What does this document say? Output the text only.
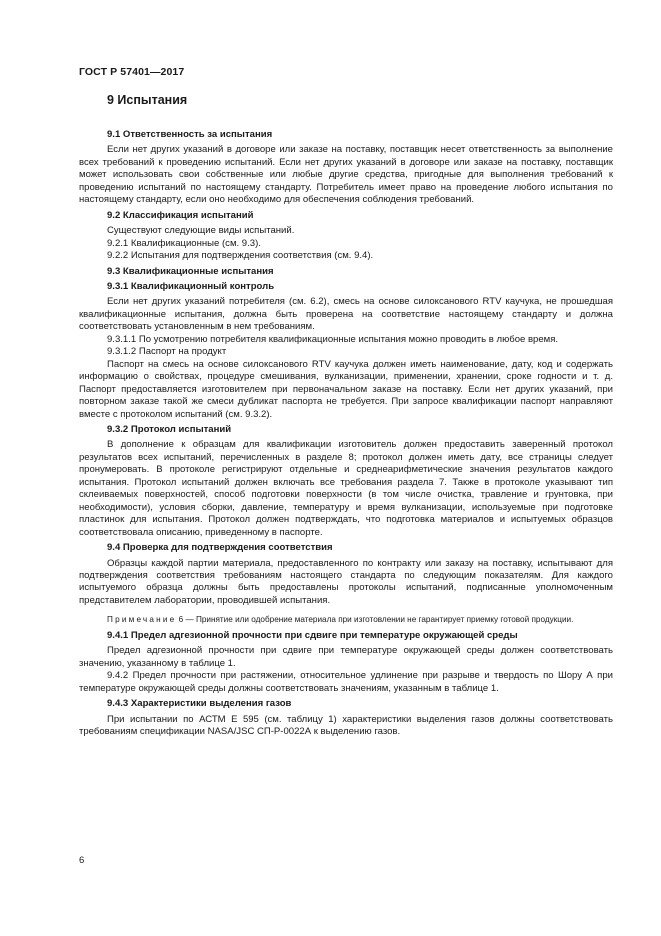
ГОСТ Р 57401—2017

9 Испытания

9.1 Ответственность за испытания

Если нет других указаний в договоре или заказе на поставку, поставщик несет ответственность за выполнение всех требований к проведению испытаний. Если нет других указаний в договоре или заказе на поставку, поставщик может использовать свои собственные или любые другие средства, пригодные для выполнения требований к проведению испытаний по настоящему стандарту. Потребитель имеет право на проведение любого испытания по настоящему стандарту, если оно необходимо для обеспечения соблюдения требований.

9.2 Классификация испытаний

Существуют следующие виды испытаний.

9.2.1 Квалификационные (см. 9.3).

9.2.2 Испытания для подтверждения соответствия (см. 9.4).

9.3 Квалификационные испытания

9.3.1 Квалификационный контроль

Если нет других указаний потребителя (см. 6.2), смесь на основе силоксанового RTV каучука, не прошедшая квалификационные испытания, должна быть проверена на соответствие настоящему стандарту и должна соответствовать установленным в нем требованиям.

9.3.1.1 По усмотрению потребителя квалификационные испытания можно проводить в любое время.

9.3.1.2 Паспорт на продукт

Паспорт на смесь на основе силоксанового RTV каучука должен иметь наименование, дату, код и содержать информацию о свойствах, процедуре смешивания, вулканизации, применении, хранении, сроке годности и т. д. Паспорт предоставляется изготовителем при первоначальном заказе на поставку. Если нет других указаний, при повторном заказе такой же смеси дубликат паспорта не требуется. При запросе квалификации паспорт направляют вместе с протоколом испытаний (см. 9.3.2).

9.3.2 Протокол испытаний

В дополнение к образцам для квалификации изготовитель должен предоставить заверенный протокол результатов всех испытаний, перечисленных в разделе 8; протокол должен иметь дату, все страницы следует пронумеровать. В протоколе регистрируют отдельные и среднеарифметические значения результатов каждого испытания. Протокол испытаний должен включать все требования раздела 7. Также в протоколе указывают тип склеиваемых поверхностей, способ подготовки поверхности (в том числе очистка, травление и грунтовка, при необходимости), условия сборки, давление, температуру и время вулканизации, используемые при подготовке пластинок для испытания. Протокол должен подтверждать, что подготовка материалов и испытуемых образцов соответствовала описанию, приведенному в паспорте.

9.4 Проверка для подтверждения соответствия

Образцы каждой партии материала, предоставленного по контракту или заказу на поставку, испытывают для подтверждения соответствия требованиям настоящего стандарта по следующим показателям. Для каждого испытуемого образца должны быть предоставлены протоколы испытаний, подписанные уполномоченным представителем лаборатории, проводившей испытания.

Примечание 6 — Принятие или одобрение материала при изготовлении не гарантирует приемку готовой продукции.

9.4.1 Предел адгезионной прочности при сдвиге при температуре окружающей среды

Предел адгезионной прочности при сдвиге при температуре окружающей среды должен соответствовать значению, указанному в таблице 1.

9.4.2 Предел прочности при растяжении, относительное удлинение при разрыве и твердость по Шору А при температуре окружающей среды должны соответствовать значениям, указанным в таблице 1.

9.4.3 Характеристики выделения газов

При испытании по АСТМ Е 595 (см. таблицу 1) характеристики выделения газов должны соответствовать требованиям спецификации NASA/JSC СП-Р-0022А к выделению газов.

6
